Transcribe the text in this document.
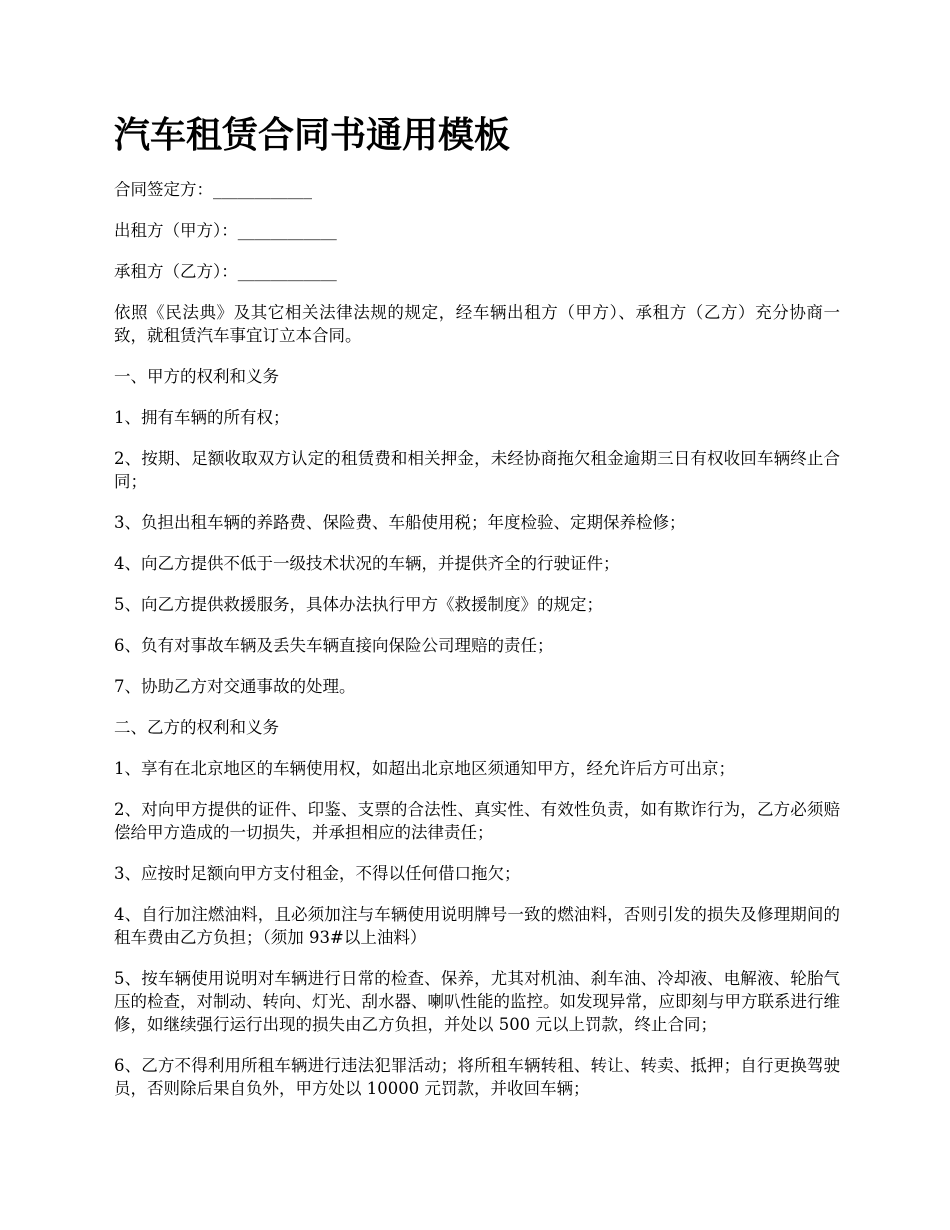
汽车租赁合同书通用模板

合同签定方：____________

出租方（甲方）：____________

承租方（乙方）：____________

依照《民法典》及其它相关法律法规的规定，经车辆出租方（甲方）、承租方（乙方）充分协商一致，就租赁汽车事宜订立本合同。

一、甲方的权利和义务

1、拥有车辆的所有权；

2、按期、足额收取双方认定的租赁费和相关押金，未经协商拖欠租金逾期三日有权收回车辆终止合同；

3、负担出租车辆的养路费、保险费、车船使用税；年度检验、定期保养检修；

4、向乙方提供不低于一级技术状况的车辆，并提供齐全的行驶证件；

5、向乙方提供救援服务，具体办法执行甲方《救援制度》的规定；

6、负有对事故车辆及丢失车辆直接向保险公司理赔的责任；

7、协助乙方对交通事故的处理。

二、乙方的权利和义务

1、享有在北京地区的车辆使用权，如超出北京地区须通知甲方，经允许后方可出京；

2、对向甲方提供的证件、印鉴、支票的合法性、真实性、有效性负责，如有欺诈行为，乙方必须赔偿给甲方造成的一切损失，并承担相应的法律责任；

3、应按时足额向甲方支付租金，不得以任何借口拖欠；

4、自行加注燃油料，且必须加注与车辆使用说明牌号一致的燃油料，否则引发的损失及修理期间的租车费由乙方负担；（须加 93#以上油料）

5、按车辆使用说明对车辆进行日常的检查、保养，尤其对机油、刹车油、冷却液、电解液、轮胎气压的检查，对制动、转向、灯光、刮水器、喇叭性能的监控。如发现异常，应即刻与甲方联系进行维修，如继续强行运行出现的损失由乙方负担，并处以 500 元以上罚款，终止合同；

6、乙方不得利用所租车辆进行违法犯罪活动；将所租车辆转租、转让、转卖、抵押；自行更换驾驶员，否则除后果自负外，甲方处以 10000 元罚款，并收回车辆；
